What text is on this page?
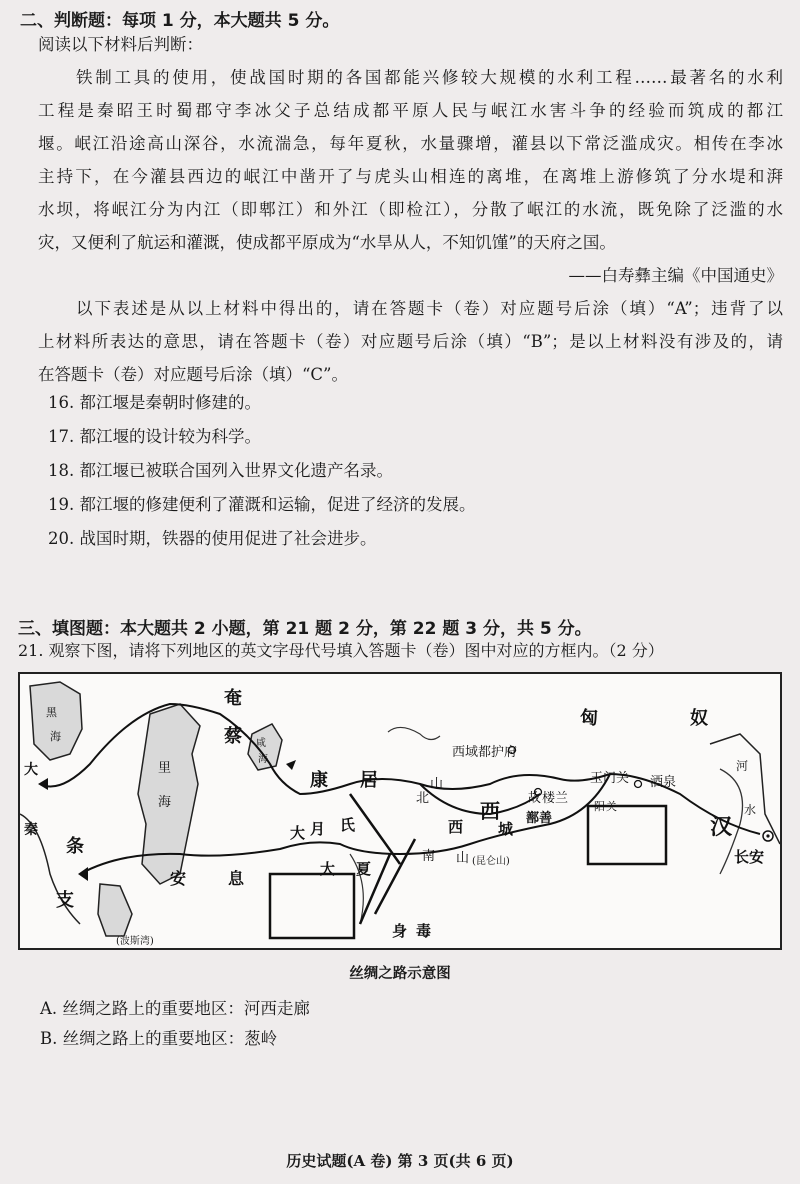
二、判断题：每项 1 分，本大题共 5 分。
阅读以下材料后判断：
铁制工具的使用，使战国时期的各国都能兴修较大规模的水利工程……最著名的水利
工程是秦昭王时蜀郡守李冰父子总结成都平原人民与岷江水害斗争的经验而筑成的都江
堰。岷江沿途高山深谷，水流湍急，每年夏秋，水量骤增，灌县以下常泛滥成灾。相传在李冰
主持下，在今灌县西边的岷江中凿开了与虎头山相连的离堆，在离堆上游修筑了分水堤和湃
水坝，将岷江分为内江（即郫江）和外江（即检江），分散了岷江的水流，既免除了泛滥的水
灾，又便利了航运和灌溉，使成都平原成为“水旱从人，不知饥馑”的天府之国。
——白寿彝主编《中国通史》
以下表述是从以上材料中得出的，请在答题卡（卷）对应题号后涂（填）“A”；违背了以
上材料所表达的意思，请在答题卡（卷）对应题号后涂（填）“B”；是以上材料没有涉及的，请
在答题卡（卷）对应题号后涂（填）“C”。
16. 都江堰是秦朝时修建的。
17. 都江堰的设计较为科学。
18. 都江堰已被联合国列入世界文化遗产名录。
19. 都江堰的修建便利了灌溉和运输，促进了经济的发展。
20. 战国时期，铁器的使用促进了社会进步。
三、填图题：本大题共 2 小题，第 21 题 2 分，第 22 题 3 分，共 5 分。
21. 观察下图，请将下列地区的英文字母代号填入答题卡（卷）图中对应的方框内。（2 分）
奄
蔡
康 居
匈	奴
西域都护府
玉门关 酒泉
河
水
汉
长安
北
山
西
西 城
楼兰
故
鄯善
阳 关
南 山 (昆仑山)
大 月 氏
大 夏
安	息
条
支
大
秦
里
海
黑
海
咸
海
(波斯湾)
身 毒
丝绸之路示意图
A. 丝绸之路上的重要地区：河西走廊
B. 丝绸之路上的重要地区：葱岭
历史试题(A 卷) 第 3 页(共 6 页)
